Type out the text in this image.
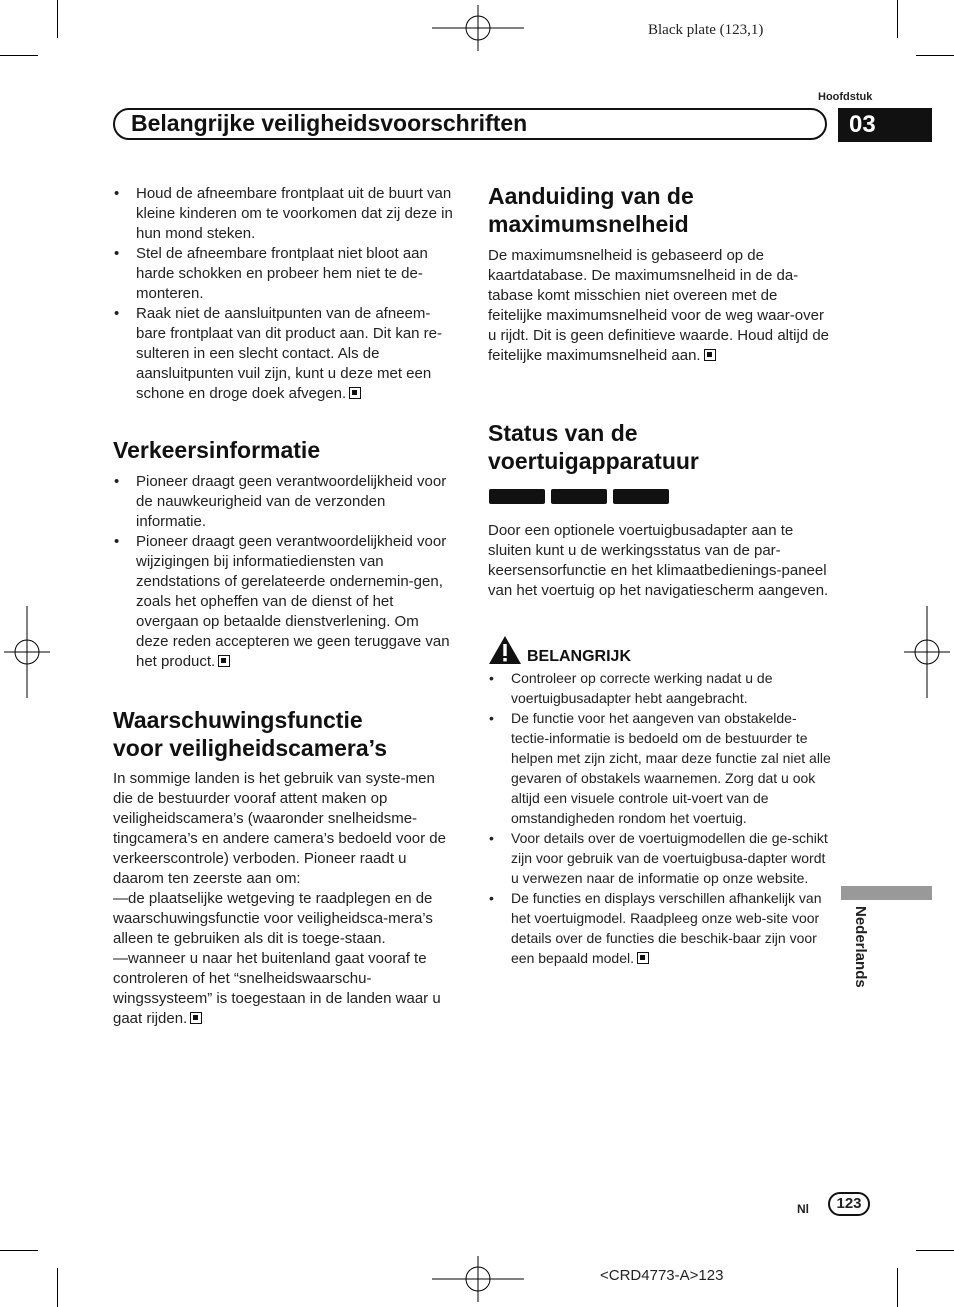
Black plate (123,1)
Hoofdstuk
Belangrijke veiligheidsvoorschriften	03
Nederlands
• Houd de afneembare frontplaat uit de buurt van kleine kinderen om te voorkomen dat zij deze in hun mond steken.
• Stel de afneembare frontplaat niet bloot aan harde schokken en probeer hem niet te de-monteren.
• Raak niet de aansluitpunten van de afneem-bare frontplaat van dit product aan. Dit kan re-sulteren in een slecht contact. Als de aansluitpunten vuil zijn, kunt u deze met een schone en droge doek afvegen.
Verkeersinformatie
• Pioneer draagt geen verantwoordelijkheid voor de nauwkeurigheid van de verzonden informatie.
• Pioneer draagt geen verantwoordelijkheid voor wijzigingen bij informatiediensten van zendstations of gerelateerde ondernemin-gen, zoals het opheffen van de dienst of het overgaan op betaalde dienstverlening. Om deze reden accepteren we geen teruggave van het product.
Waarschuwingsfunctie
voor veiligheidscamera’s

In sommige landen is het gebruik van syste-men die de bestuurder vooraf attent maken op veiligheidscamera’s (waaronder snelheidsme-tingcamera’s en andere camera’s bedoeld voor de verkeerscontrole) verboden. Pioneer raadt u daarom ten zeerste aan om:

—de plaatselijke wetgeving te raadplegen en de waarschuwingsfunctie voor veiligheidsca-mera’s alleen te gebruiken als dit is toege-staan.

—wanneer u naar het buitenland gaat vooraf te controleren of het “snelheidswaarschu-wingssysteem” is toegestaan in de landen waar u gaat rijden.

Aanduiding van de
maximumsnelheid

De maximumsnelheid is gebaseerd op de kaartdatabase. De maximumsnelheid in de da-tabase komt misschien niet overeen met de feitelijke maximumsnelheid voor de weg waar-over u rijdt. Dit is geen definitieve waarde. Houd altijd de feitelijke maximumsnelheid aan.

Status van de
voertuigapparatuur

Door een optionele voertuigbusadapter aan te sluiten kunt u de werkingsstatus van de par-keersensorfunctie en het klimaatbedienings-paneel van het voertuig op het navigatiescherm aangeven.

BELANGRIJK
• Controleer op correcte werking nadat u de voertuigbusadapter hebt aangebracht.
• De functie voor het aangeven van obstakelde-tectie-informatie is bedoeld om de bestuurder te helpen met zijn zicht, maar deze functie zal niet alle gevaren of obstakels waarnemen. Zorg dat u ook altijd een visuele controle uit-voert van de omstandigheden rondom het voertuig.
• Voor details over de voertuigmodellen die ge-schikt zijn voor gebruik van de voertuigbusa-dapter wordt u verwezen naar de informatie op onze website.
• De functies en displays verschillen afhankelijk van het voertuigmodel. Raadpleeg onze web-site voor details over de functies die beschik-baar zijn voor een bepaald model.
Nl	123
<CRD4773-A>123
